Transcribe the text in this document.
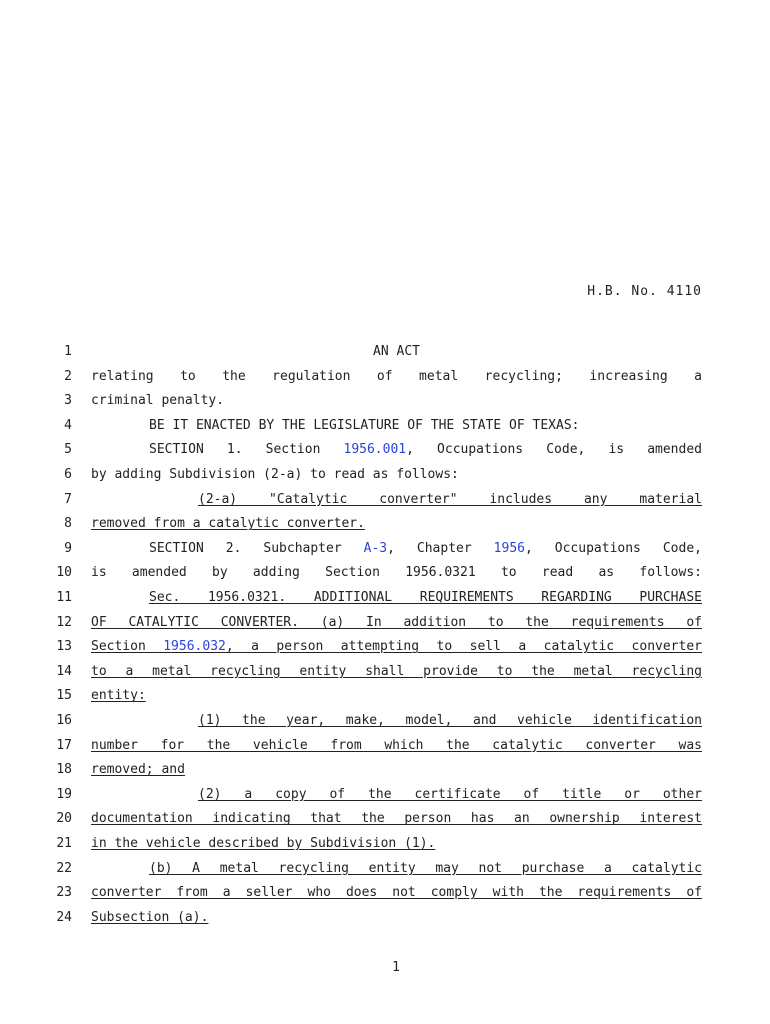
H.B. No. 4110
1	AN ACT
2 relating to the regulation of metal recycling; increasing a
3 criminal penalty.
4	BE IT ENACTED BY THE LEGISLATURE OF THE STATE OF TEXAS:
5	SECTION 1. Section 1956.001, Occupations Code, is amended
6 by adding Subdivision (2-a) to read as follows:
7	(2-a) "Catalytic converter" includes any material
8 removed from a catalytic converter.
9	SECTION 2. Subchapter A-3, Chapter 1956, Occupations Code,
10 is amended by adding Section 1956.0321 to read as follows:
11	Sec. 1956.0321. ADDITIONAL REQUIREMENTS REGARDING PURCHASE
12 OF CATALYTIC CONVERTER. (a) In addition to the requirements of
13 Section 1956.032, a person attempting to sell a catalytic converter
14 to a metal recycling entity shall provide to the metal recycling
15 entity:
16	(1) the year, make, model, and vehicle identification
17 number for the vehicle from which the catalytic converter was
18 removed; and
19	(2) a copy of the certificate of title or other
20 documentation indicating that the person has an ownership interest
21 in the vehicle described by Subdivision (1).
22	(b) A metal recycling entity may not purchase a catalytic
23 converter from a seller who does not comply with the requirements of
24 Subsection (a).
1
